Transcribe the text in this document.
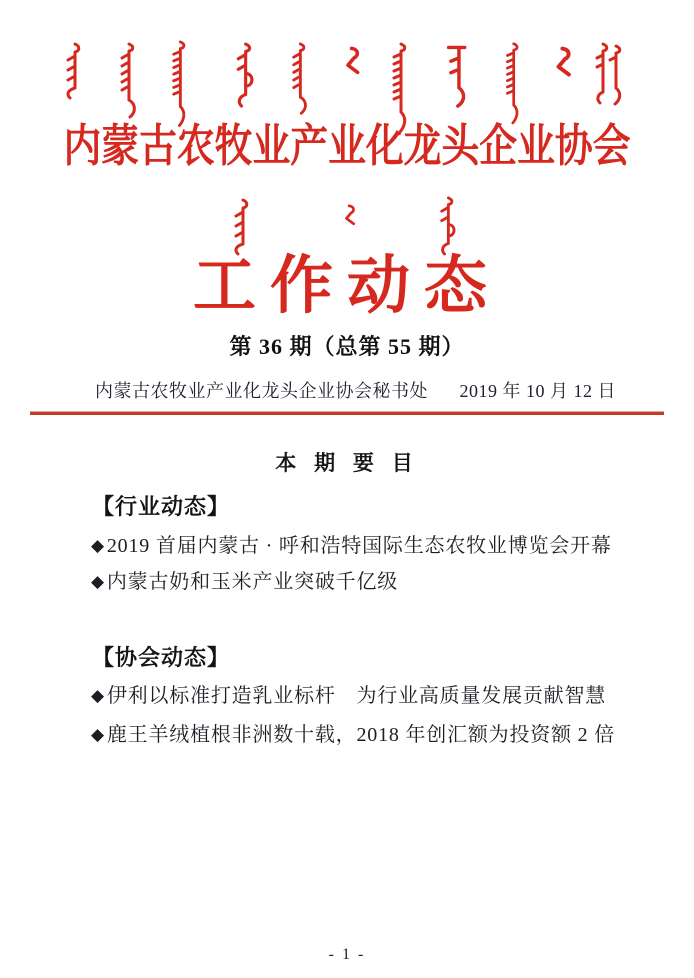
内蒙古农牧业产业化龙头企业协会
工作动态
第 36 期（总第 55 期）
内蒙古农牧业产业化龙头企业协会秘书处 2019 年 10 月 12 日
本 期 要 目
【行业动态】
◆ 2019 首届内蒙古 · 呼和浩特国际生态农牧业博览会开幕
◆ 内蒙古奶和玉米产业突破千亿级
【协会动态】
◆ 伊利以标准打造乳业标杆　为行业高质量发展贡献智慧
◆ 鹿王羊绒植根非洲数十载，2018 年创汇额为投资额 2 倍
- 1 -
